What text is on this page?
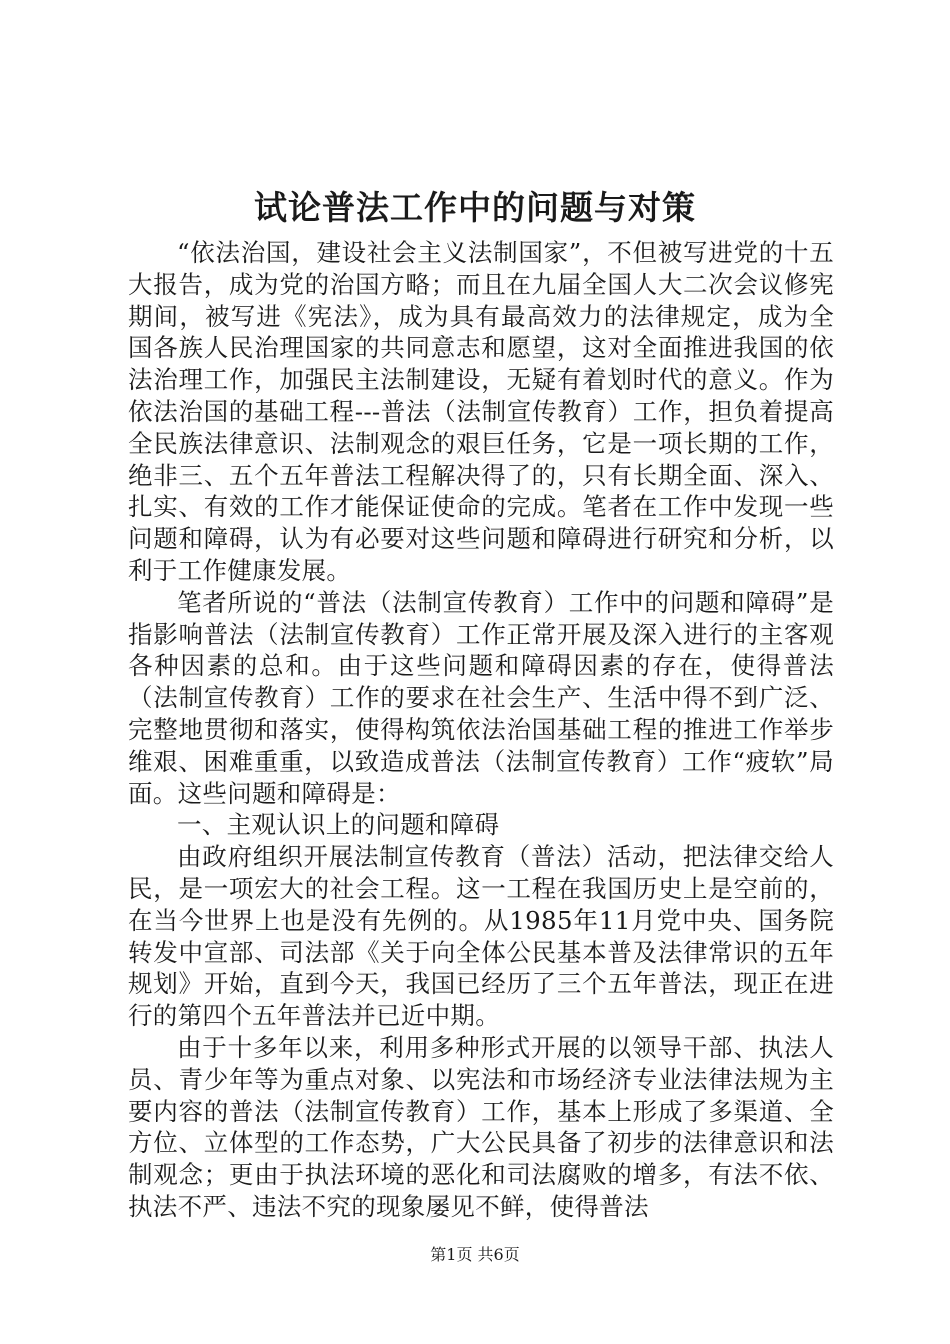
试论普法工作中的问题与对策

“依法治国，建设社会主义法制国家”，不但被写进党的十五大报告，成为党的治国方略；而且在九届全国人大二次会议修宪期间，被写进《宪法》，成为具有最高效力的法律规定，成为全国各族人民治理国家的共同意志和愿望，这对全面推进我国的依法治理工作，加强民主法制建设，无疑有着划时代的意义。作为依法治国的基础工程---普法（法制宣传教育）工作，担负着提高全民族法律意识、法制观念的艰巨任务，它是一项长期的工作，绝非三、五个五年普法工程解决得了的，只有长期全面、深入、扎实、有效的工作才能保证使命的完成。笔者在工作中发现一些问题和障碍，认为有必要对这些问题和障碍进行研究和分析，以利于工作健康发展。

笔者所说的“普法（法制宣传教育）工作中的问题和障碍”是指影响普法（法制宣传教育）工作正常开展及深入进行的主客观各种因素的总和。由于这些问题和障碍因素的存在，使得普法（法制宣传教育）工作的要求在社会生产、生活中得不到广泛、完整地贯彻和落实，使得构筑依法治国基础工程的推进工作举步维艰、困难重重，以致造成普法（法制宣传教育）工作“疲软”局面。这些问题和障碍是：

一、主观认识上的问题和障碍

由政府组织开展法制宣传教育（普法）活动，把法律交给人民，是一项宏大的社会工程。这一工程在我国历史上是空前的，在当今世界上也是没有先例的。从1985年11月党中央、国务院转发中宣部、司法部《关于向全体公民基本普及法律常识的五年规划》开始，直到今天，我国已经历了三个五年普法，现正在进行的第四个五年普法并已近中期。

由于十多年以来，利用多种形式开展的以领导干部、执法人员、青少年等为重点对象、以宪法和市场经济专业法律法规为主要内容的普法（法制宣传教育）工作，基本上形成了多渠道、全方位、立体型的工作态势，广大公民具备了初步的法律意识和法制观念；更由于执法环境的恶化和司法腐败的增多，有法不依、执法不严、违法不究的现象屡见不鲜，使得普法

第1页 共6页
